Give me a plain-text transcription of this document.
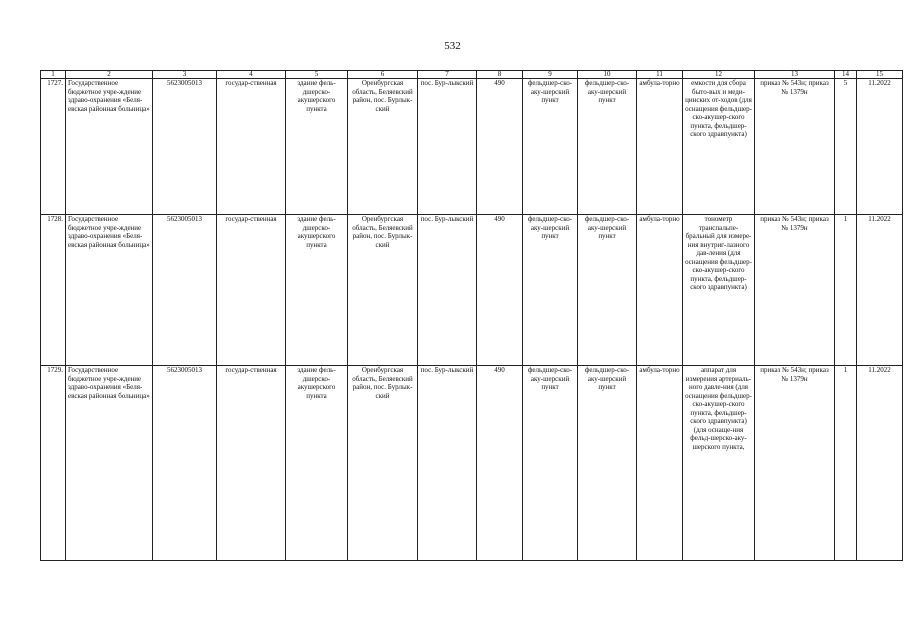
532
1	2	3	4	5	6	7	8	9	10	11	12	13	14	15
1727.	Государственное бюджетное учре-ждение здраво-охранения «Беля-евская районная больница»	5623005013	государ-ственная	здание фель-дшерско-акушерского пункта	Оренбургская область, Беляевский район, пос. Бурлык-ский	пос. Бур-лыкский	490	фельдшер-ско-аку-шерский пункт	фельдшер-ско-аку-шерский пункт	амбула-торно	емкости для сбора быто-вых и меди-цинских от-ходов (для оснащения фельдшер-ско-акушер-ского пункта, фельдшер-ского здравпункта)	приказ № 543н; приказ № 1379н	5	11.2022
1728.	Государственное бюджетное учре-ждение здраво-охранения «Беля-евская районная больница»	5623005013	государ-ственная	здание фель-дшерско-акушерского пункта	Оренбургская область, Беляевский район, пос. Бурлык-ский	пос. Бур-лыкский	490	фельдшер-ско-аку-шерский пункт	фельдшер-ско-аку-шерский пункт	амбула-торно	тонометр транспальпе-бральный для измере-ния внутриг-лазного дав-ления (для оснащения фельдшер-ско-акушер-ского пункта, фельдшер-ского здравпункта)	приказ № 543н; приказ № 1379н	1	11.2022
1729.	Государственное бюджетное учре-ждение здраво-охранения «Беля-евская районная больница»	5623005013	государ-ственная	здание фель-дшерско-акушерского пункта	Оренбургская область, Беляевский район, пос. Бурлык-ский	пос. Бур-лыкский	490	фельдшер-ско-аку-шерский пункт	фельдшер-ско-аку-шерский пункт	амбула-торно	аппарат для измерения артериаль-ного давле-ния (для оснащения фельдшер-ско-акушер-ского пункта, фельдшер-ского здравпункта) (для оснаще-ния фельд-шерско-аку-шерского пункта,	приказ № 543н; приказ № 1379н	1	11.2022
